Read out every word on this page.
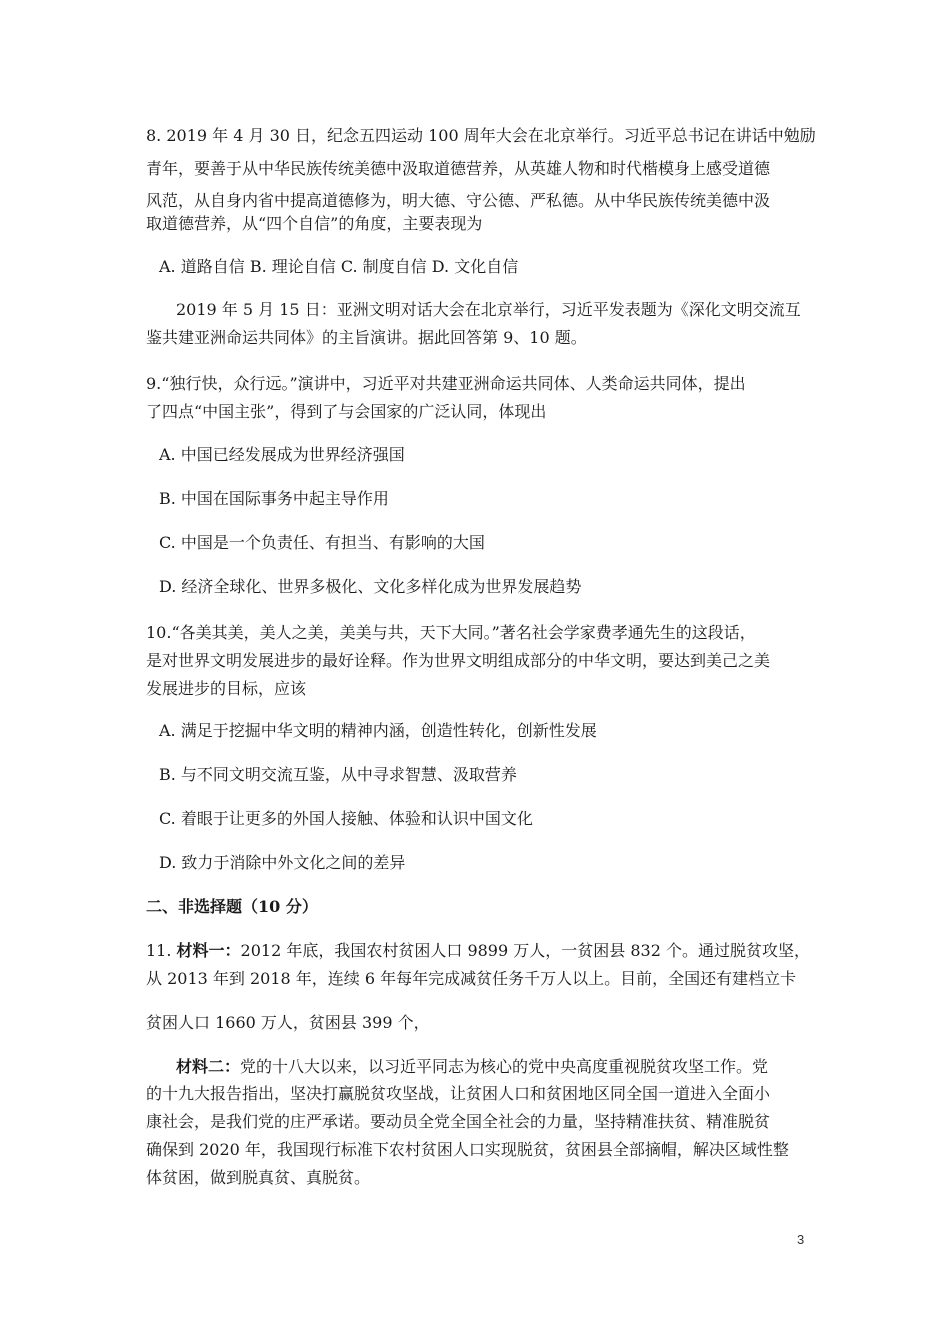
8. 2019 年 4 月 30 日，纪念五四运动 100 周年大会在北京举行。习近平总书记在讲话中勉励
青年，要善于从中华民族传统美德中汲取道德营养，从英雄人物和时代楷模身上感受道德
风范，从自身内省中提高道德修为，明大德、守公德、严私德。从中华民族传统美德中汲
取道德营养，从“四个自信”的角度，主要表现为
A. 道路自信 B. 理论自信 C. 制度自信 D. 文化自信
2019 年 5 月 15 日：亚洲文明对话大会在北京举行，习近平发表题为《深化文明交流互
鉴共建亚洲命运共同体》的主旨演讲。据此回答第 9、10 题。
9.“独行快，众行远。”演讲中，习近平对共建亚洲命运共同体、人类命运共同体，提出
了四点“中国主张”，得到了与会国家的广泛认同，体现出
A. 中国已经发展成为世界经济强国
B. 中国在国际事务中起主导作用
C. 中国是一个负责任、有担当、有影响的大国
D. 经济全球化、世界多极化、文化多样化成为世界发展趋势
10.“各美其美，美人之美，美美与共，天下大同。”著名社会学家费孝通先生的这段话，
是对世界文明发展进步的最好诠释。作为世界文明组成部分的中华文明，要达到美己之美
发展进步的目标，应该
A. 满足于挖掘中华文明的精神内涵，创造性转化，创新性发展
B. 与不同文明交流互鉴，从中寻求智慧、汲取营养
C. 着眼于让更多的外国人接触、体验和认识中国文化
D. 致力于消除中外文化之间的差异
二、非选择题（10 分）
11. 材料一：2012 年底，我国农村贫困人口 9899 万人，一贫困县 832 个。通过脱贫攻坚，
从 2013 年到 2018 年，连续 6 年每年完成减贫任务千万人以上。目前，全国还有建档立卡
贫困人口 1660 万人，贫困县 399 个，
材料二：党的十八大以来，以习近平同志为核心的党中央高度重视脱贫攻坚工作。党
的十九大报告指出，坚决打赢脱贫攻坚战，让贫困人口和贫困地区同全国一道进入全面小
康社会，是我们党的庄严承诺。要动员全党全国全社会的力量，坚持精准扶贫、精准脱贫
确保到 2020 年，我国现行标准下农村贫困人口实现脱贫，贫困县全部摘帽，解决区域性整
体贫困，做到脱真贫、真脱贫。
3
